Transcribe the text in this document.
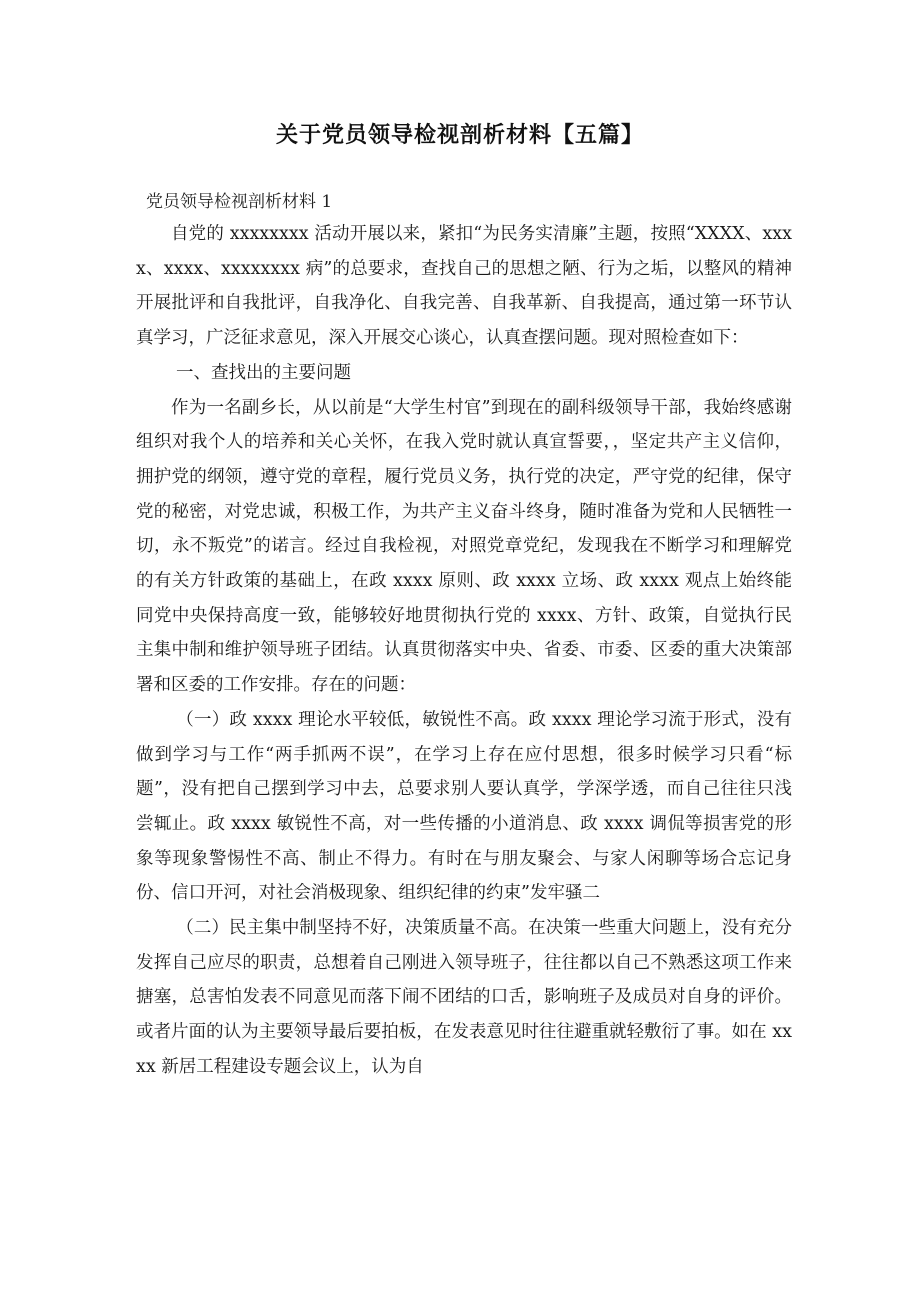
关于党员领导检视剖析材料【五篇】
党员领导检视剖析材料 1

自党的 xxxxxxxx 活动开展以来，紧扣“为民务实清廉”主题，按照“XXXX、xxxx、xxxx、xxxxxxxx 病”的总要求，查找自己的思想之陋、行为之垢，以整风的精神开展批评和自我批评，自我净化、自我完善、自我革新、自我提高，通过第一环节认真学习，广泛征求意见，深入开展交心谈心，认真查摆问题。现对照检查如下：

一、查找出的主要问题

作为一名副乡长，从以前是“大学生村官”到现在的副科级领导干部，我始终感谢组织对我个人的培养和关心关怀，在我入党时就认真宣誓要，，坚定共产主义信仰，拥护党的纲领，遵守党的章程，履行党员义务，执行党的决定，严守党的纪律，保守党的秘密，对党忠诚，积极工作，为共产主义奋斗终身，随时准备为党和人民牺牲一切，永不叛党”的诺言。经过自我检视，对照党章党纪，发现我在不断学习和理解党的有关方针政策的基础上，在政 xxxx 原则、政 xxxx 立场、政 xxxx 观点上始终能同党中央保持高度一致，能够较好地贯彻执行党的 xxxx、方针、政策，自觉执行民主集中制和维护领导班子团结。认真贯彻落实中央、省委、市委、区委的重大决策部署和区委的工作安排。存在的问题：

（一）政 xxxx 理论水平较低，敏锐性不高。政 xxxx 理论学习流于形式，没有做到学习与工作“两手抓两不误”，在学习上存在应付思想，很多时候学习只看“标题”，没有把自己摆到学习中去，总要求别人要认真学，学深学透，而自己往往只浅尝辄止。政 xxxx 敏锐性不高，对一些传播的小道消息、政 xxxx 调侃等损害党的形象等现象警惕性不高、制止不得力。有时在与朋友聚会、与家人闲聊等场合忘记身份、信口开河，对社会消极现象、组织纪律的约束”发牢骚二

（二）民主集中制坚持不好，决策质量不高。在决策一些重大问题上，没有充分发挥自己应尽的职责，总想着自己刚进入领导班子，往往都以自己不熟悉这项工作来搪塞，总害怕发表不同意见而落下闹不团结的口舌，影响班子及成员对自身的评价。或者片面的认为主要领导最后要拍板，在发表意见时往往避重就轻敷衍了事。如在 xxxx 新居工程建设专题会议上，认为自
